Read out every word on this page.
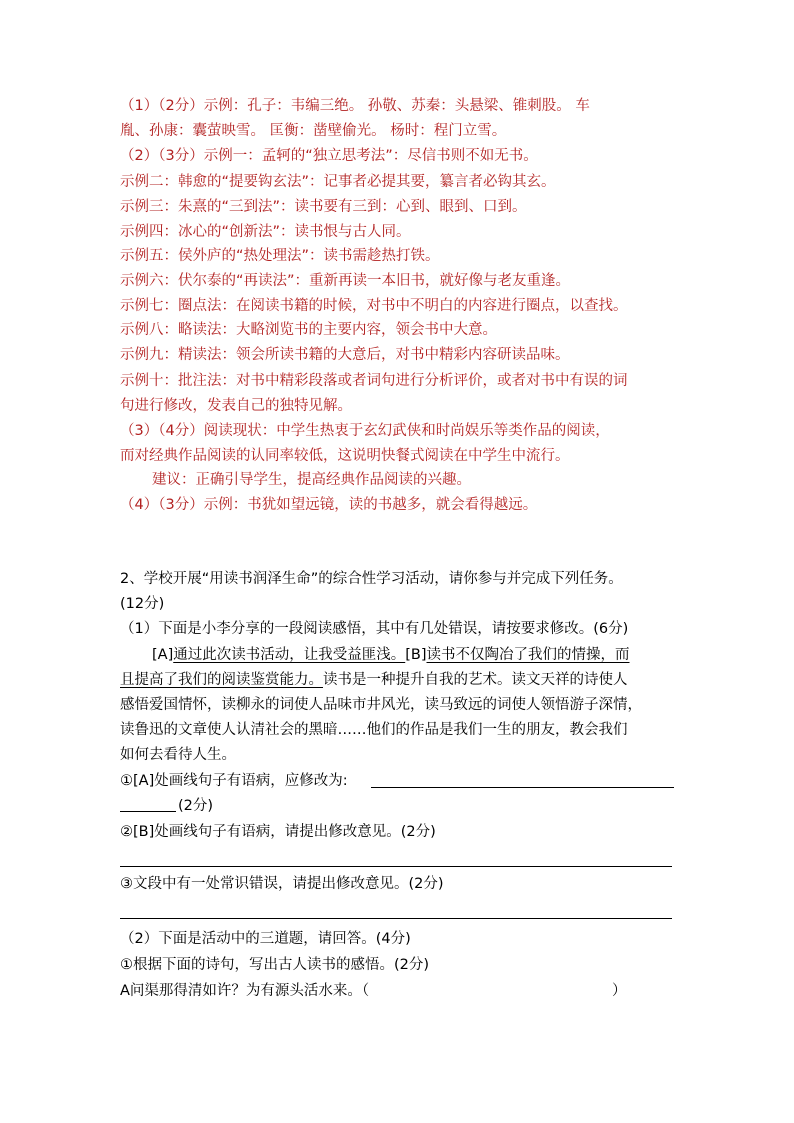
（1）（2分）示例：孔子：韦编三绝。 孙敬、苏秦：头悬梁、锥刺股。 车
胤、孙康：囊萤映雪。 匡衡：凿壁偷光。 杨时：程门立雪。
（2）（3分）示例一：孟轲的“独立思考法”：尽信书则不如无书。
示例二：韩愈的“提要钩玄法”：记事者必提其要，纂言者必钩其玄。
示例三：朱熹的“三到法”：读书要有三到：心到、眼到、口到。
示例四：冰心的“创新法”：读书恨与古人同。
示例五：侯外庐的“热处理法”：读书需趁热打铁。
示例六：伏尔泰的“再读法”：重新再读一本旧书，就好像与老友重逢。
示例七：圈点法：在阅读书籍的时候，对书中不明白的内容进行圈点，以查找。
示例八：略读法：大略浏览书的主要内容，领会书中大意。
示例九：精读法：领会所读书籍的大意后，对书中精彩内容研读品味。
示例十：批注法：对书中精彩段落或者词句进行分析评价，或者对书中有误的词
句进行修改，发表自己的独特见解。
（3）（4分）阅读现状：中学生热衷于玄幻武侠和时尚娱乐等类作品的阅读，
而对经典作品阅读的认同率较低，这说明快餐式阅读在中学生中流行。
建议：正确引导学生，提高经典作品阅读的兴趣。
（4）（3分）示例：书犹如望远镜，读的书越多，就会看得越远。
2、学校开展“用读书润泽生命”的综合性学习活动，请你参与并完成下列任务。
(12分)
（1）下面是小李分享的一段阅读感悟，其中有几处错误，请按要求修改。(6分)
[A]通过此次读书活动，让我受益匪浅。[B]读书不仅陶冶了我们的情操，而
且提高了我们的阅读鉴赏能力。读书是一种提升自我的艺术。读文天祥的诗使人
感悟爱国情怀，读柳永的词使人品味市井风光，读马致远的词使人领悟游子深情，
读鲁迅的文章使人认清社会的黑暗……他们的作品是我们一生的朋友，教会我们
如何去看待人生。
①[A]处画线句子有语病，应修改为:
(2分)
②[B]处画线句子有语病，请提出修改意见。(2分)
③文段中有一处常识错误，请提出修改意见。(2分)
（2）下面是活动中的三道题，请回答。(4分)
①根据下面的诗句，写出古人读书的感悟。(2分)
A问渠那得清如许？为有源头活水来。（	）
